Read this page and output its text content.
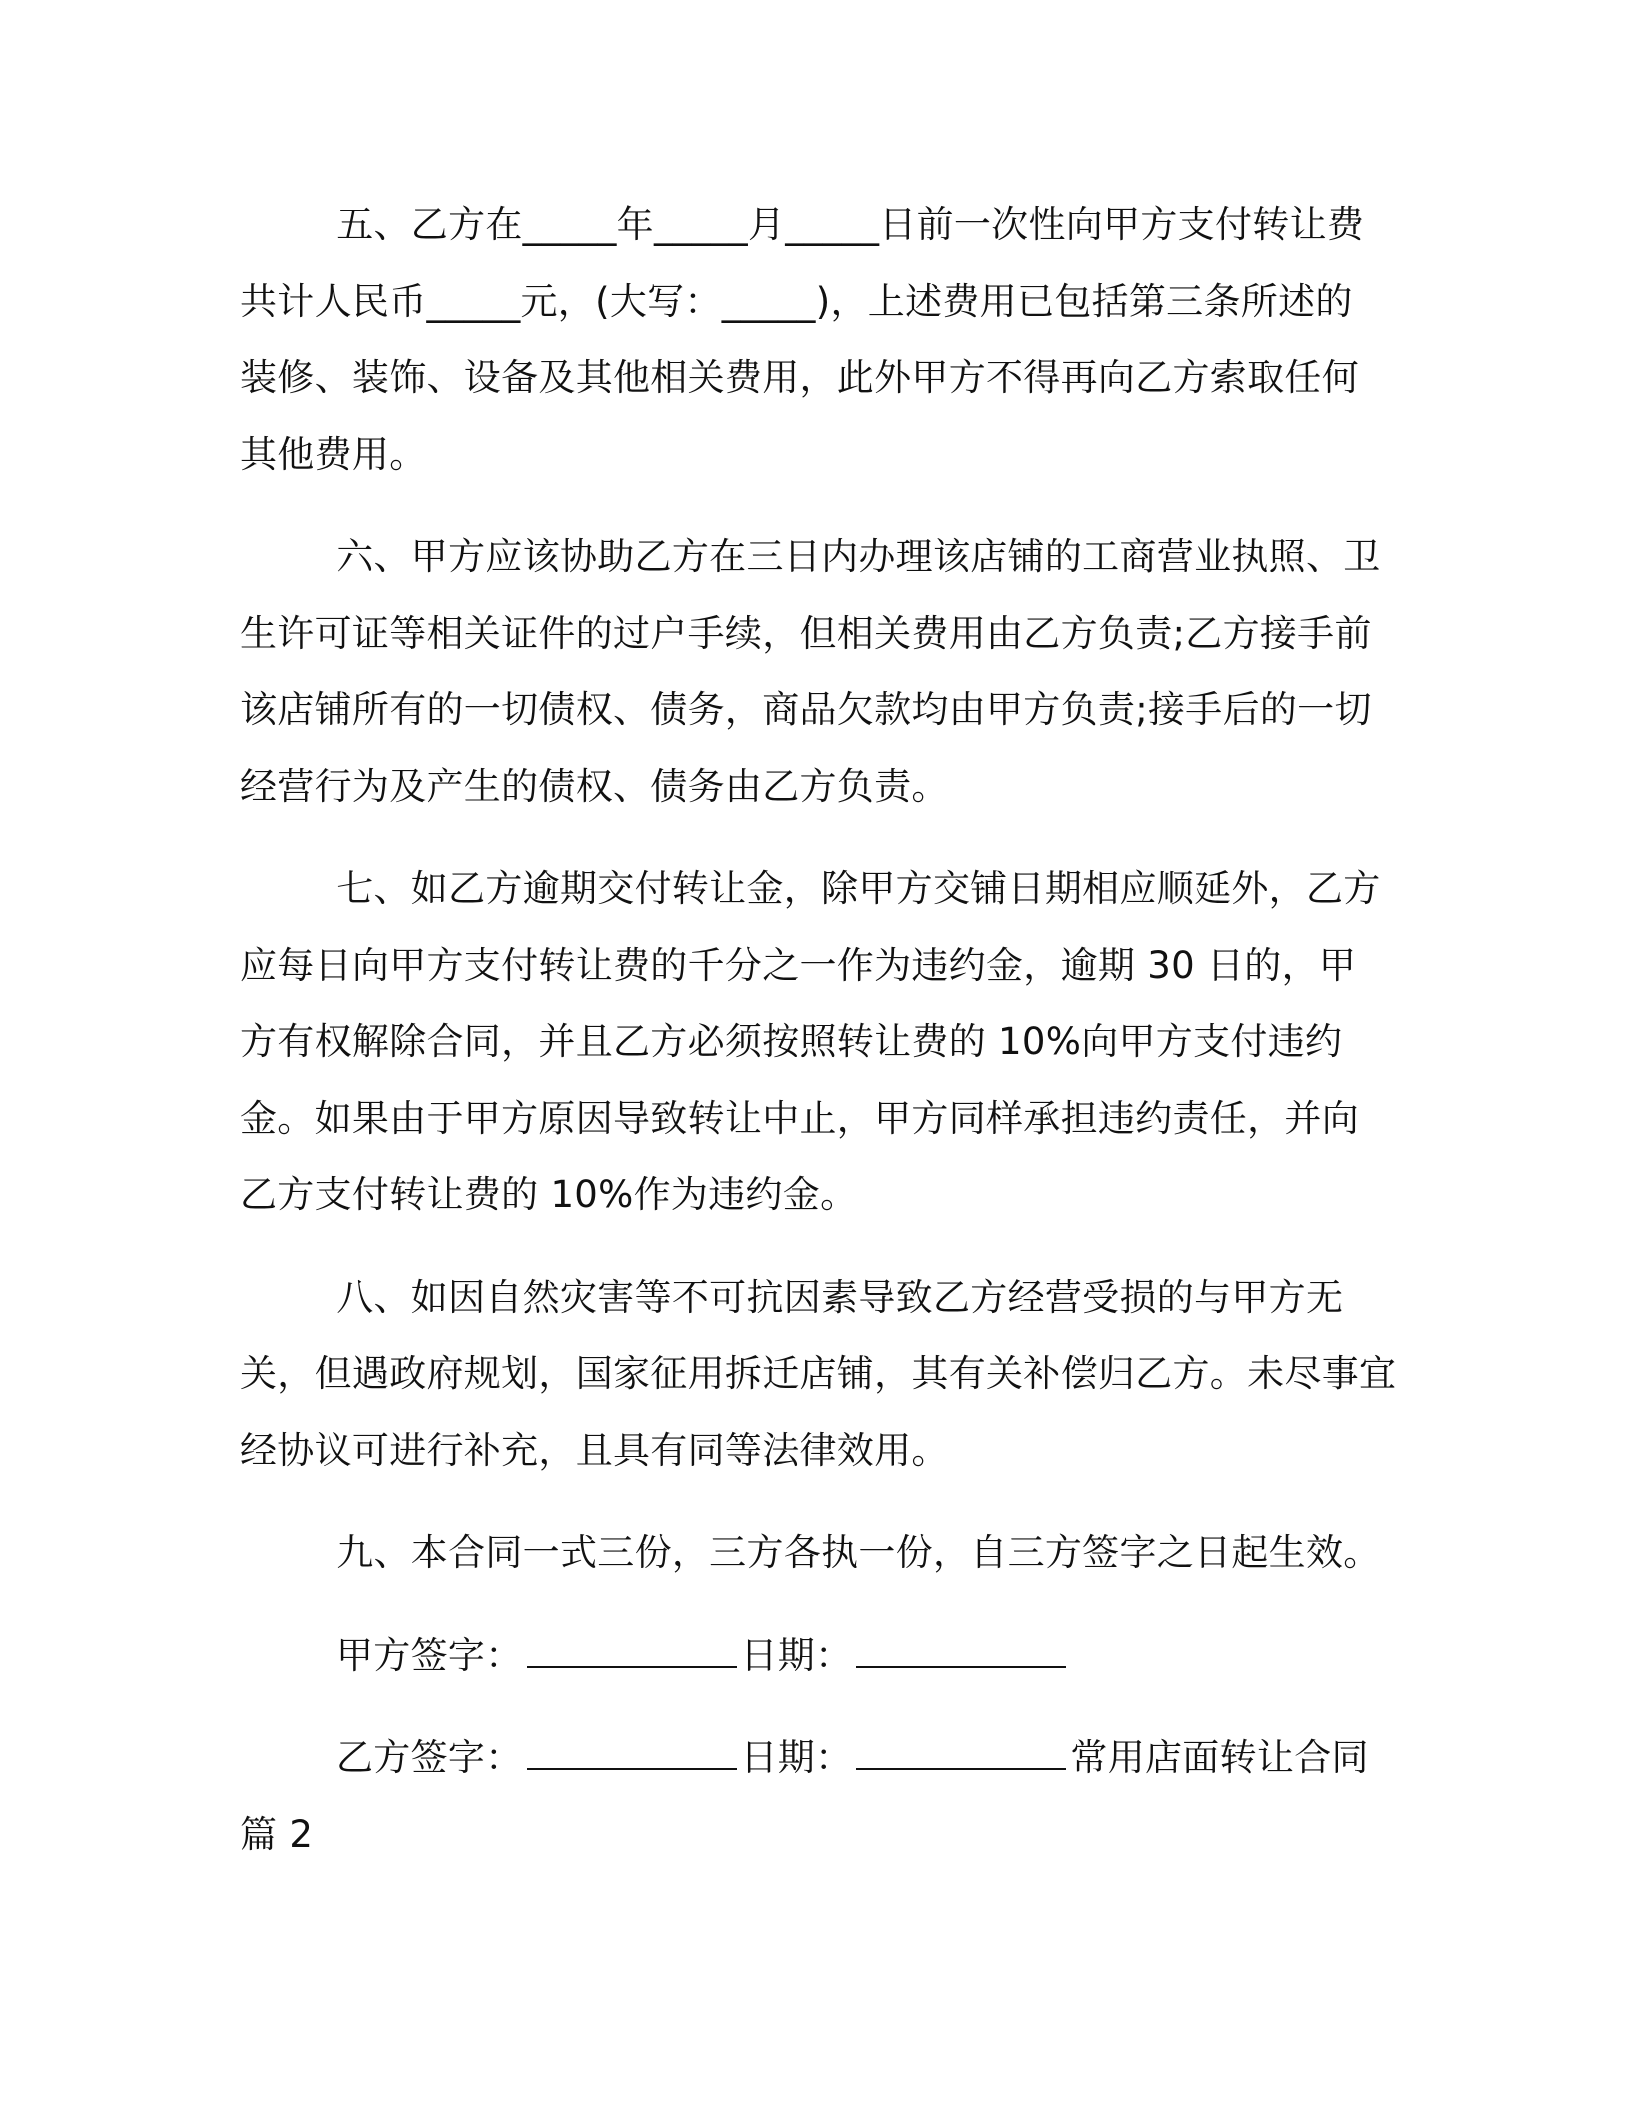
五、乙方在_____年_____月_____日前一次性向甲方支付转让费共计人民币_____元，(大写：_____)，上述费用已包括第三条所述的装修、装饰、设备及其他相关费用，此外甲方不得再向乙方索取任何其他费用。

六、甲方应该协助乙方在三日内办理该店铺的工商营业执照、卫生许可证等相关证件的过户手续，但相关费用由乙方负责;乙方接手前该店铺所有的一切债权、债务，商品欠款均由甲方负责;接手后的一切经营行为及产生的债权、债务由乙方负责。

七、如乙方逾期交付转让金，除甲方交铺日期相应顺延外，乙方应每日向甲方支付转让费的千分之一作为违约金，逾期 30 日的，甲方有权解除合同，并且乙方必须按照转让费的 10%向甲方支付违约金。如果由于甲方原因导致转让中止，甲方同样承担违约责任，并向乙方支付转让费的 10%作为违约金。

八、如因自然灾害等不可抗因素导致乙方经营受损的与甲方无关，但遇政府规划，国家征用拆迁店铺，其有关补偿归乙方。未尽事宜经协议可进行补充，且具有同等法律效用。

九、本合同一式三份，三方各执一份，自三方签字之日起生效。

甲方签字：	日期：
乙方签字：	日期：	常用店面转让合同

篇 2
